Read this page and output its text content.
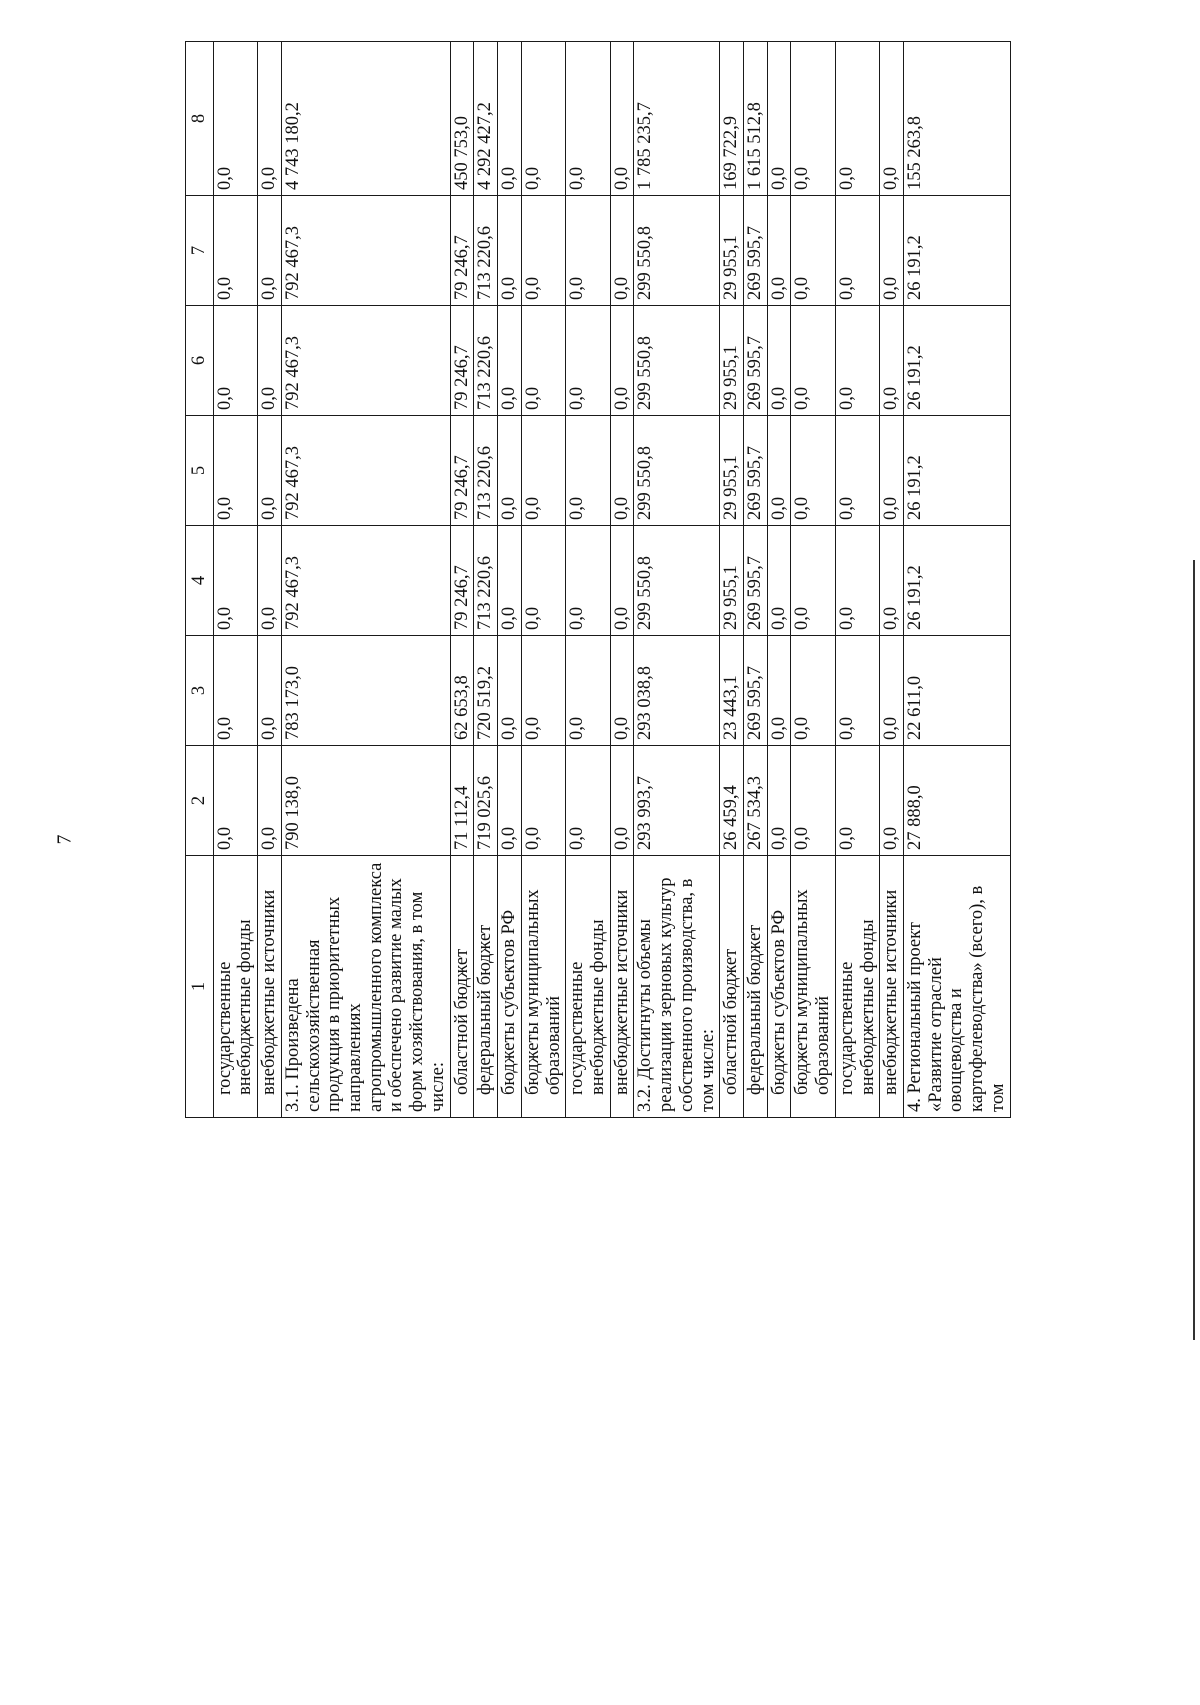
7
1	2	3	4	5	6	7	8
государственные внебюджетные фонды	0,0	0,0	0,0	0,0	0,0	0,0	0,0
внебюджетные источники	0,0	0,0	0,0	0,0	0,0	0,0	0,0
3.1. Произведена сельскохозяйственная продукция в приоритетных направлениях агропромышленного комплекса и обеспечено развитие малых форм хозяйствования, в том числе:	790 138,0	783 173,0	792 467,3	792 467,3	792 467,3	792 467,3	4 743 180,2
областной бюджет	71 112,4	62 653,8	79 246,7	79 246,7	79 246,7	79 246,7	450 753,0
федеральный бюджет	719 025,6	720 519,2	713 220,6	713 220,6	713 220,6	713 220,6	4 292 427,2
бюджеты субъектов РФ	0,0	0,0	0,0	0,0	0,0	0,0	0,0
бюджеты муниципальных образований	0,0	0,0	0,0	0,0	0,0	0,0	0,0
государственные внебюджетные фонды	0,0	0,0	0,0	0,0	0,0	0,0	0,0
внебюджетные источники	0,0	0,0	0,0	0,0	0,0	0,0	0,0
3.2. Достигнуты объемы реализации зерновых культур собственного производства, в том числе:	293 993,7	293 038,8	299 550,8	299 550,8	299 550,8	299 550,8	1 785 235,7
областной бюджет	26 459,4	23 443,1	29 955,1	29 955,1	29 955,1	29 955,1	169 722,9
федеральный бюджет	267 534,3	269 595,7	269 595,7	269 595,7	269 595,7	269 595,7	1 615 512,8
бюджеты субъектов РФ	0,0	0,0	0,0	0,0	0,0	0,0	0,0
бюджеты муниципальных образований	0,0	0,0	0,0	0,0	0,0	0,0	0,0
государственные внебюджетные фонды	0,0	0,0	0,0	0,0	0,0	0,0	0,0
внебюджетные источники	0,0	0,0	0,0	0,0	0,0	0,0	0,0
4. Региональный проект «Развитие отраслей овощеводства и картофелеводства» (всего), в том	27 888,0	22 611,0	26 191,2	26 191,2	26 191,2	26 191,2	155 263,8
